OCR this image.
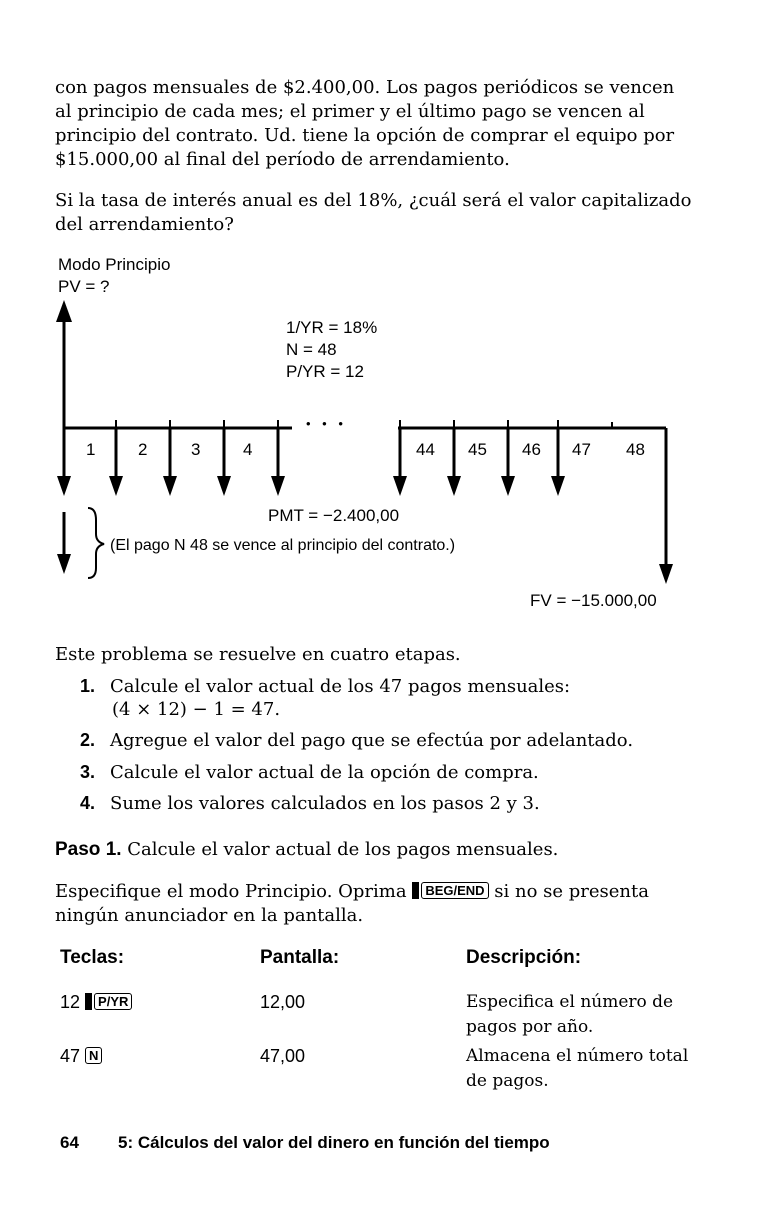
con pagos mensuales de $2.400,00. Los pagos periódicos se vencen al principio de cada mes; el primer y el último pago se vencen al principio del contrato. Ud. tiene la opción de comprar el equipo por $15.000,00 al final del período de arrendamiento.

Si la tasa de interés anual es del 18%, ¿cuál será el valor capitalizado del arrendamiento?

Modo Principio
PV = ?
1/YR = 18%
N = 48
P/YR = 12
1	2	3	4
• • •
44 45 46 47 48
PMT = −2.400,00
(El pago N 48 se vence al principio del contrato.)
FV = −15.000,00

Este problema se resuelve en cuatro etapas.

1. Calcule el valor actual de los 47 pagos mensuales:

(4 × 12) − 1 = 47.

2. Agregue el valor del pago que se efectúa por adelantado.
3. Calcule el valor actual de la opción de compra.
4. Sume los valores calculados en los pasos 2 y 3.

Paso 1. Calcule el valor actual de los pagos mensuales.

Especifique el modo Principio. Oprima BEG/END si no se presenta ningún anunciador en la pantalla.

Teclas:	Pantalla:	Descripción:
12 P/YR	12,00	Especifica el número de pagos por año.
47 N	47,00	Almacena el número total de pagos.
64 5: Cálculos del valor del dinero en función del tiempo
